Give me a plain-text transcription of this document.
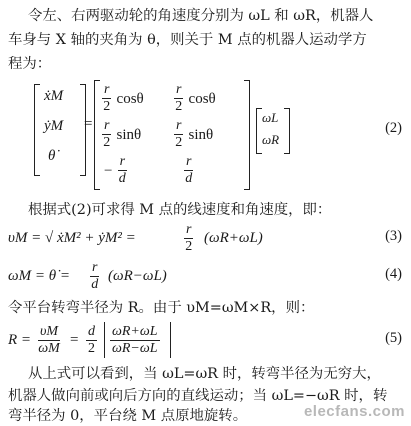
令左、右两驱动轮的角速度分别为 ωL 和 ωR，机器人
车身与 X 轴的夹角为 θ，则关于 M 点的机器人运动学方
程为：
ẋM
ẏM
θ̇
=
$\frac{r}{2}$ cosθ $\frac{r}{2}$ cosθ
$\frac{r}{2}$ sinθ $\frac{r}{2}$ sinθ
− $\frac{r}{d}$	$\frac{r}{d}$
ωL
ωR
(2)
根据式(2)可求得 M 点的线速度和角速度，即：
υM = √ ẋM² + ẏM² =	$\frac{r}{2} (\omega R+\omega L)$	(3)
ωM = θ̇ = $\frac{r}{d} (\omega R-\omega L)$	(4)
令平台转弯半径为 R。由于 υM=ωM×R，则：
$R = \frac{\upsilon M}{\omega M} = \frac{d}{2} \frac{\omega R+\omega L}{\omega R-\omega L}$	(5)
从上式可以看到，当 ωL=ωR 时，转弯半径为无穷大，
机器人做向前或向后方向的直线运动；当 ωL=−ωR 时，转
弯半径为 0，平台绕 M 点原地旋转。	elecfans.com
